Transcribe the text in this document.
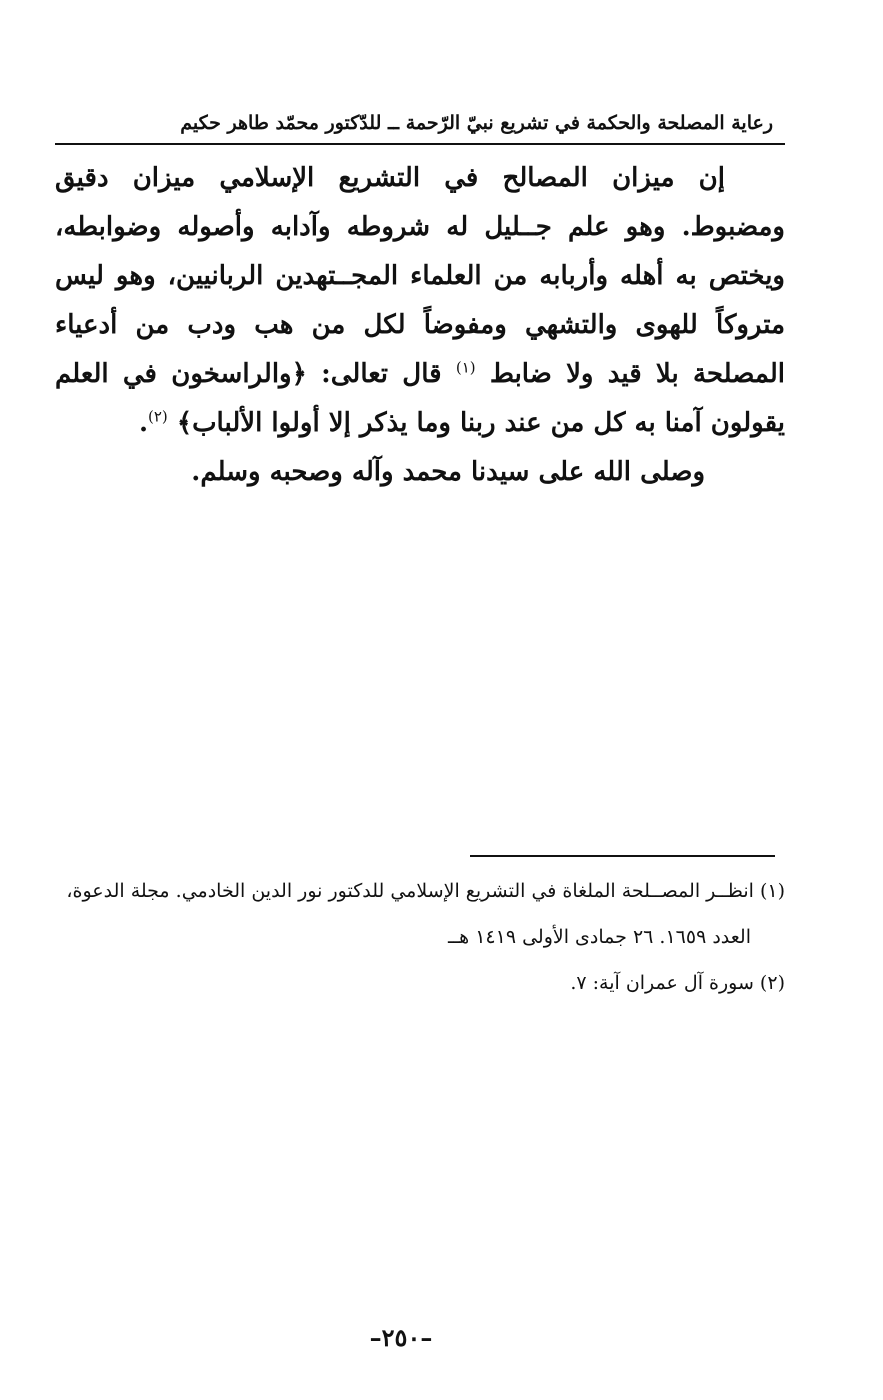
رعاية المصلحة والحكمة في تشريع نبيّ الرّحمة ــ للدّكتور محمّد طاهر حكيم

إن ميزان المصالح في التشريع الإسلامي ميزان دقيق ومضبوط. وهو علم جــليل له شروطه وآدابه وأصوله وضوابطه، ويختص به أهله وأربابه من العلماء المجــتهدين الربانيين، وهو ليس متروكاً للهوى والتشهي ومفوضاً لكل من هب ودب من أدعياء المصلحة بلا قيد ولا ضابط $^{(١)}$ قال تعالى: ﴿والراسخون في العلم يقولون آمنا به كل من عند ربنا وما يذكر إلا أولوا الألباب﴾ $^{(٢)}$.

وصلى الله على سيدنا محمد وآله وصحبه وسلم.

(١) انظــر المصــلحة الملغاة في التشريع الإسلامي للدكتور نور الدين الخادمي. مجلة الدعوة،

العدد ١٦٥٩. ٢٦ جمادى الأولى ١٤١٩ هــ

(٢) سورة آل عمران آية: ٧.

–٢٥٠–
